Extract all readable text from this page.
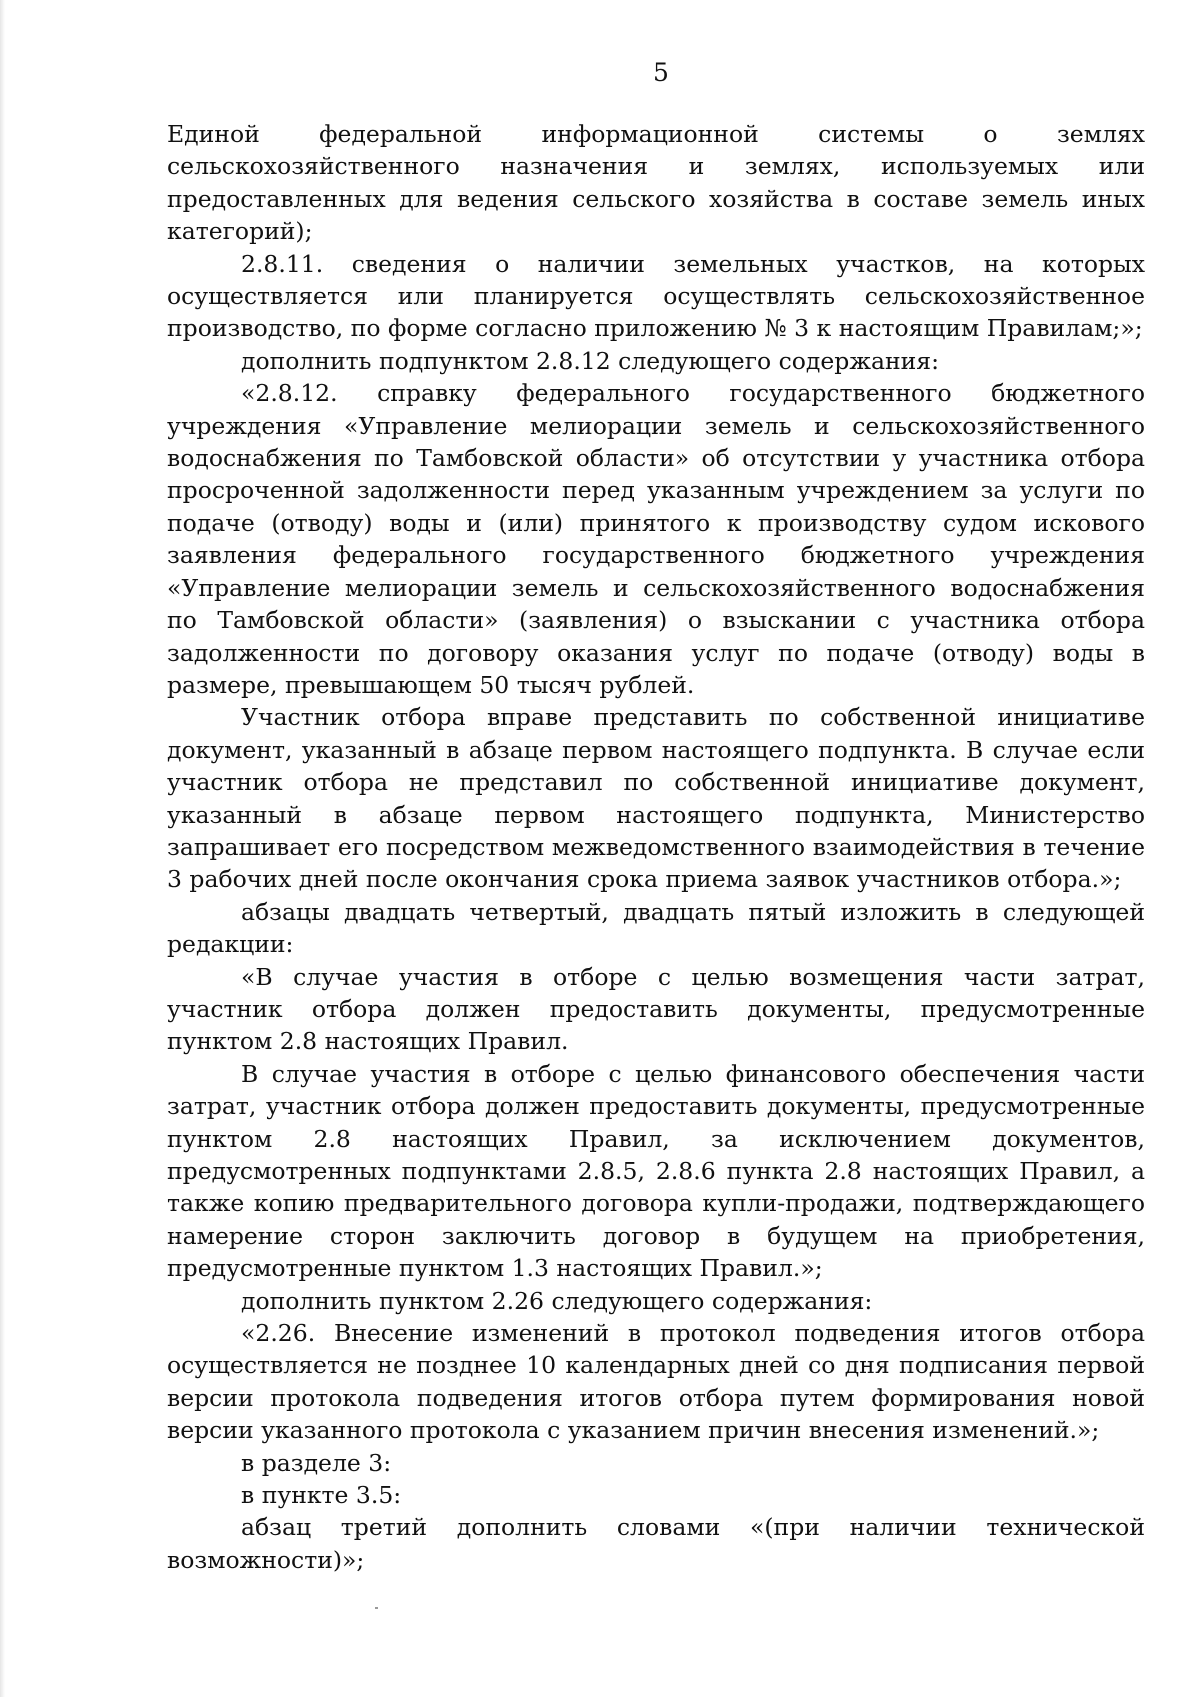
5

Единой федеральной информационной системы о землях сельскохозяйственного назначения и землях, используемых или предоставленных для ведения сельского хозяйства в составе земель иных категорий);

2.8.11. сведения о наличии земельных участков, на которых осуществляется или планируется осуществлять сельскохозяйственное производство, по форме согласно приложению № 3 к настоящим Правилам;»;

дополнить подпунктом 2.8.12 следующего содержания:

«2.8.12. справку федерального государственного бюджетного учреждения «Управление мелиорации земель и сельскохозяйственного водоснабжения по Тамбовской области» об отсутствии у участника отбора просроченной задолженности перед указанным учреждением за услуги по подаче (отводу) воды и (или) принятого к производству судом искового заявления федерального государственного бюджетного учреждения «Управление мелиорации земель и сельскохозяйственного водоснабжения по Тамбовской области» (заявления) о взыскании с участника отбора задолженности по договору оказания услуг по подаче (отводу) воды в размере, превышающем 50 тысяч рублей.

Участник отбора вправе представить по собственной инициативе документ, указанный в абзаце первом настоящего подпункта. В случае если участник отбора не представил по собственной инициативе документ, указанный в абзаце первом настоящего подпункта, Министерство запрашивает его посредством межведомственного взаимодействия в течение 3 рабочих дней после окончания срока приема заявок участников отбора.»;

абзацы двадцать четвертый, двадцать пятый изложить в следующей редакции:

«В случае участия в отборе с целью возмещения части затрат, участник отбора должен предоставить документы, предусмотренные пунктом 2.8 настоящих Правил.

В случае участия в отборе с целью финансового обеспечения части затрат, участник отбора должен предоставить документы, предусмотренные пунктом 2.8 настоящих Правил, за исключением документов, предусмотренных подпунктами 2.8.5, 2.8.6 пункта 2.8 настоящих Правил, а также копию предварительного договора купли-продажи, подтверждающего намерение сторон заключить договор в будущем на приобретения, предусмотренные пунктом 1.3 настоящих Правил.»;

дополнить пунктом 2.26 следующего содержания:

«2.26. Внесение изменений в протокол подведения итогов отбора осуществляется не позднее 10 календарных дней со дня подписания первой версии протокола подведения итогов отбора путем формирования новой версии указанного протокола с указанием причин внесения изменений.»;

в разделе 3:

в пункте 3.5:

абзац третий дополнить словами «(при наличии технической возможности)»;
